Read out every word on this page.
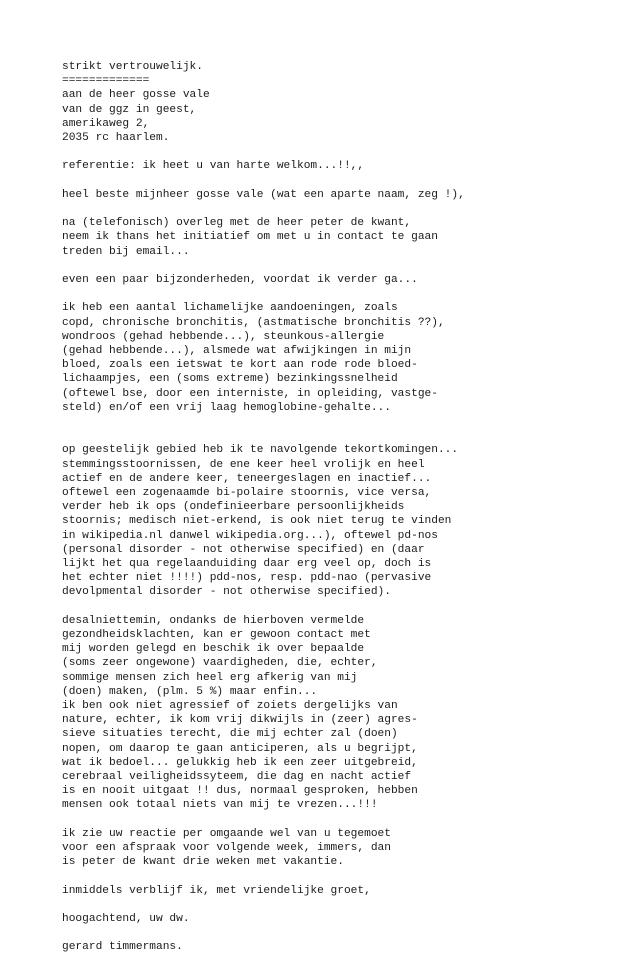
strikt vertrouwelijk.
=============
aan de heer gosse vale
van de ggz in geest,
amerikaweg 2,
2035 rc haarlem.
referentie: ik heet u van harte welkom...!!,,
heel beste mijnheer gosse vale (wat een aparte naam, zeg !),
na (telefonisch) overleg met de heer peter de kwant,
neem ik thans het initiatief om met u in contact te gaan
treden bij email...
even een paar bijzonderheden, voordat ik verder ga...
ik heb een aantal lichamelijke aandoeningen, zoals
copd, chronische bronchitis, (astmatische bronchitis ??),
wondroos (gehad hebbende...), steunkous-allergie
(gehad hebbende...), alsmede wat afwijkingen in mijn
bloed, zoals een ietswat te kort aan rode rode bloed-
lichaampjes, een (soms extreme) bezinkingssnelheid
(oftewel bse, door een interniste, in opleiding, vastge-
steld) en/of een vrij laag hemoglobine-gehalte...
op geestelijk gebied heb ik te navolgende tekortkomingen...
stemmingsstoornissen, de ene keer heel vrolijk en heel
actief en de andere keer, teneergeslagen en inactief...
oftewel een zogenaamde bi-polaire stoornis, vice versa,
verder heb ik ops (ondefinieerbare persoonlijkheids
stoornis; medisch niet-erkend, is ook niet terug te vinden
in wikipedia.nl danwel wikipedia.org...), oftewel pd-nos
(personal disorder - not otherwise specified) en (daar
lijkt het qua regelaanduiding daar erg veel op, doch is
het echter niet !!!!) pdd-nos, resp. pdd-nao (pervasive
devolpmental disorder - not otherwise specified).
desalniettemin, ondanks de hierboven vermelde
gezondheidsklachten, kan er gewoon contact met
mij worden gelegd en beschik ik over bepaalde
(soms zeer ongewone) vaardigheden, die, echter,
sommige mensen zich heel erg afkerig van mij
(doen) maken, (plm. 5 %) maar enfin...
ik ben ook niet agressief of zoiets dergelijks van
nature, echter, ik kom vrij dikwijls in (zeer) agres-
sieve situaties terecht, die mij echter zal (doen)
nopen, om daarop te gaan anticiperen, als u begrijpt,
wat ik bedoel... gelukkig heb ik een zeer uitgebreid,
cerebraal veiligheidssyteem, die dag en nacht actief
is en nooit uitgaat !! dus, normaal gesproken, hebben
mensen ook totaal niets van mij te vrezen...!!!
ik zie uw reactie per omgaande wel van u tegemoet
voor een afspraak voor volgende week, immers, dan
is peter de kwant drie weken met vakantie.
inmiddels verblijf ik, met vriendelijke groet,
hoogachtend, uw dw.
gerard timmermans.
